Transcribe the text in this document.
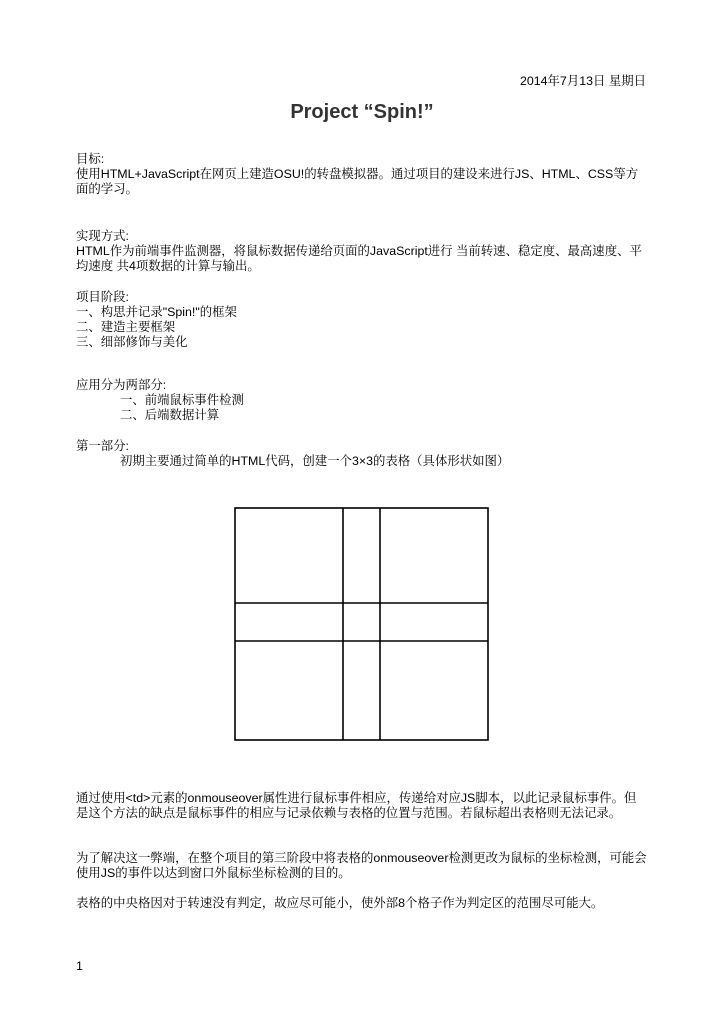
2014年7月13日 星期日
Project “Spin!”

目标:

使用HTML+JavaScript在网页上建造OSU!的转盘模拟器。通过项目的建设来进行JS、HTML、CSS等方面的学习。

实现方式:

HTML作为前端事件监测器，将鼠标数据传递给页面的JavaScript进行 当前转速、稳定度、最高速度、平均速度 共4项数据的计算与输出。

项目阶段:

一、构思并记录"Spin!"的框架

二、建造主要框架

三、细部修饰与美化

应用分为两部分:

一、前端鼠标事件检测

二、后端数据计算

第一部分:

初期主要通过简单的HTML代码，创建一个3×3的表格（具体形状如图）

通过使用<td>元素的onmouseover属性进行鼠标事件相应，传递给对应JS脚本，以此记录鼠标事件。但是这个方法的缺点是鼠标事件的相应与记录依赖与表格的位置与范围。若鼠标超出表格则无法记录。
为了解决这一弊端，在整个项目的第三阶段中将表格的onmouseover检测更改为鼠标的坐标检测，可能会使用JS的事件以达到窗口外鼠标坐标检测的目的。
表格的中央格因对于转速没有判定，故应尽可能小，使外部8个格子作为判定区的范围尽可能大。
1
